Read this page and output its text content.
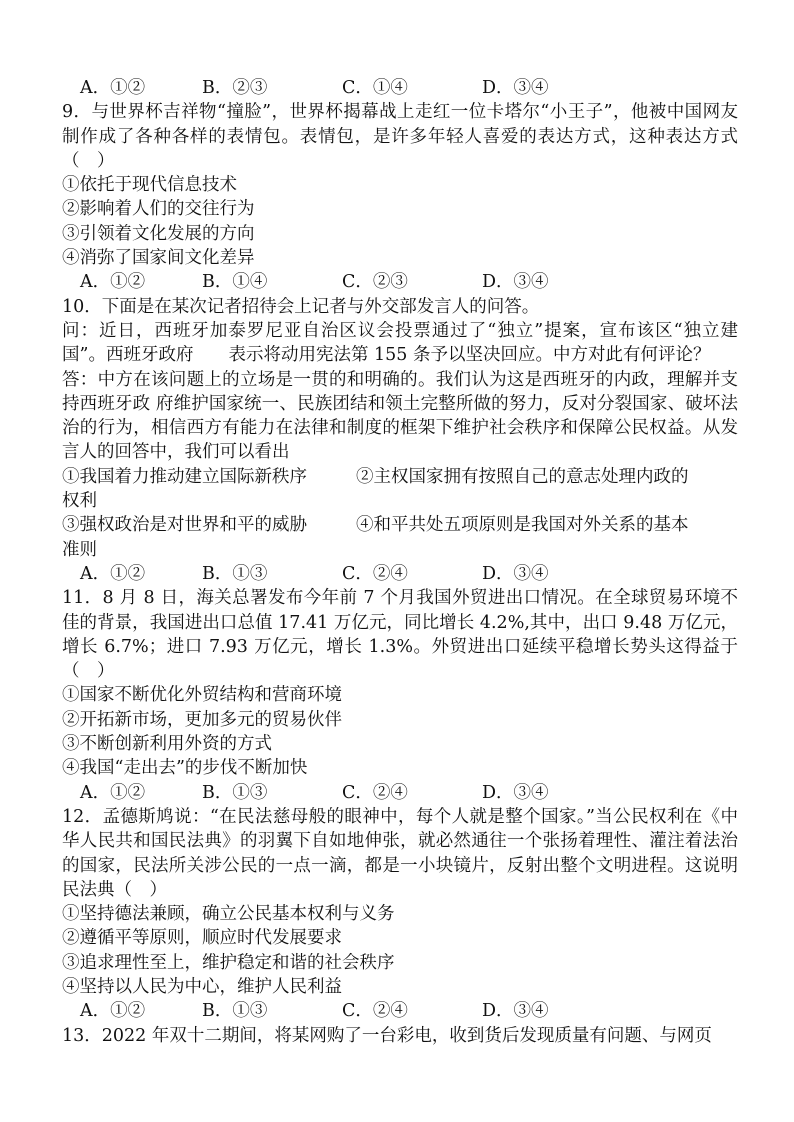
A．①②	B．②③	C．①④	D．③④
9．与世界杯吉祥物“撞脸”，世界杯揭幕战上走红一位卡塔尔“小王子”，他被中国网友制作成了各种各样的表情包。表情包，是许多年轻人喜爱的表达方式，这种表达方式（　）
①依托于现代信息技术
②影响着人们的交往行为
③引领着文化发展的方向
④消弥了国家间文化差异
A．①②	B．①④	C．②③	D．③④
10．下面是在某次记者招待会上记者与外交部发言人的问答。
问：近日，西班牙加泰罗尼亚自治区议会投票通过了“独立”提案，宣布该区“独立建国”。西班牙政府　　表示将动用宪法第 155 条予以坚决回应。中方对此有何评论？
答：中方在该问题上的立场是一贯的和明确的。我们认为这是西班牙的内政，理解并支持西班牙政 府维护国家统一、民族团结和领土完整所做的努力，反对分裂国家、破坏法治的行为，相信西方有能力在法律和制度的框架下维护社会秩序和保障公民权益。从发言人的回答中，我们可以看出
①我国着力推动建立国际新秩序	②主权国家拥有按照自己的意志处理内政的
权利
③强权政治是对世界和平的威胁	④和平共处五项原则是我国对外关系的基本
准则
A．①②	B．①③	C．②④	D．③④
11．8 月 8 日，海关总署发布今年前 7 个月我国外贸进出口情况。在全球贸易环境不佳的背景，我国进出口总值 17.41 万亿元，同比增长 4.2%,其中，出口 9.48 万亿元，增长 6.7%；进口 7.93 万亿元，增长 1.3%。外贸进出口延续平稳增长势头这得益于（　）
①国家不断优化外贸结构和营商环境
②开拓新市场，更加多元的贸易伙伴
③不断创新利用外资的方式
④我国“走出去”的步伐不断加快
A．①②	B．①③	C．②④	D．③④
12．孟德斯鸠说：“在民法慈母般的眼神中，每个人就是整个国家。”当公民权利在《中华人民共和国民法典》的羽翼下自如地伸张，就必然通往一个张扬着理性、灌注着法治的国家，民法所关涉公民的一点一滴，都是一小块镜片，反射出整个文明进程。这说明民法典（　）
①坚持德法兼顾，确立公民基本权利与义务
②遵循平等原则，顺应时代发展要求
③追求理性至上，维护稳定和谐的社会秩序
④坚持以人民为中心，维护人民利益
A．①②	B．①③	C．②④	D．③④
13．2022 年双十二期间，将某网购了一台彩电，收到货后发现质量有问题、与网页
